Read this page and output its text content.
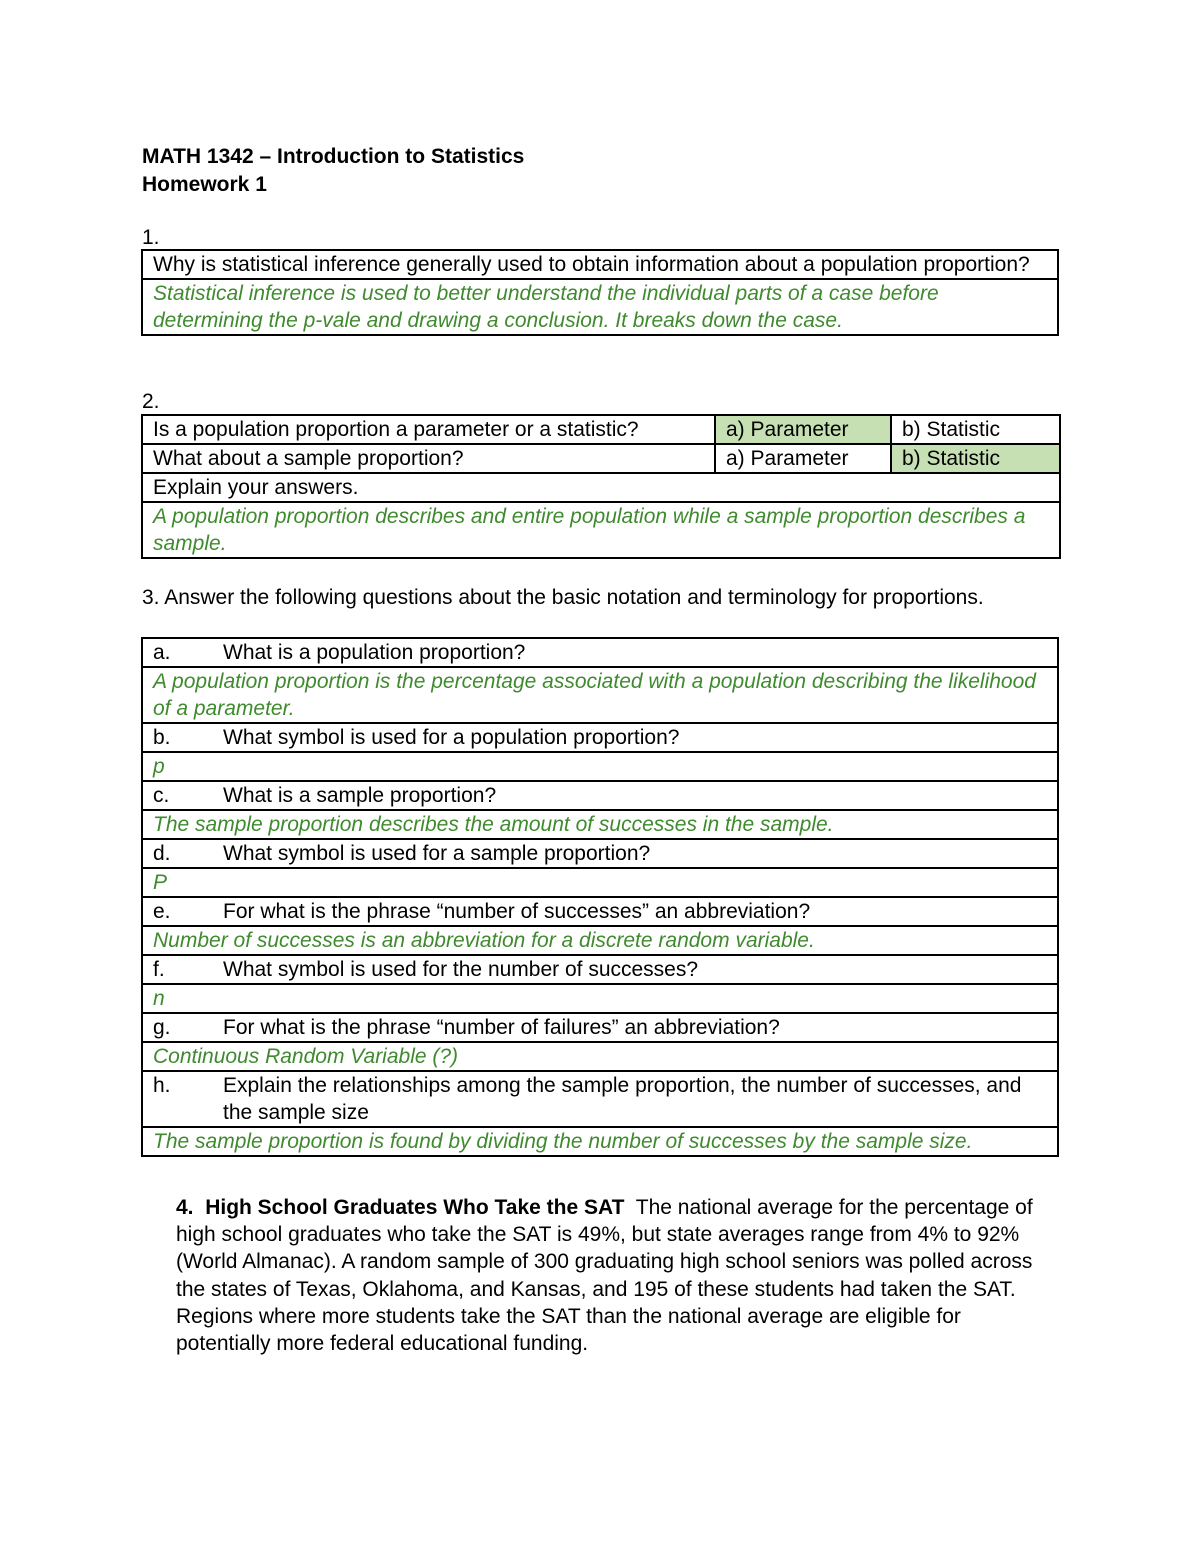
MATH 1342 – Introduction to Statistics
Homework 1
1.
Why is statistical inference generally used to obtain information about a population proportion?
Statistical inference is used to better understand the individual parts of a case before determining the p-vale and drawing a conclusion. It breaks down the case.
2.
Is a population proportion a parameter or a statistic?	a) Parameter	b) Statistic
What about a sample proportion?	a) Parameter	b) Statistic
Explain your answers.		
A population proportion describes and entire population while a sample proportion describes a sample.		
3. Answer the following questions about the basic notation and terminology for proportions.
a. What is a population proportion?
A population proportion is the percentage associated with a population describing the likelihood of a parameter.
b. What symbol is used for a population proportion?
p
c.	What is a sample proportion?
The sample proportion describes the amount of successes in the sample.
d. What symbol is used for a sample proportion?
P
e. For what is the phrase “number of successes” an abbreviation?
Number of successes is an abbreviation for a discrete random variable.
f.	What symbol is used for the number of successes?
n
g. For what is the phrase “number of failures” an abbreviation?
Continuous Random Variable (?)
h. Explain the relationships among the sample proportion, the number of successes, and the sample size
The sample proportion is found by dividing the number of successes by the sample size.
4. High School Graduates Who Take the SAT The national average for the percentage of high school graduates who take the SAT is 49%, but state averages range from 4% to 92% (World Almanac). A random sample of 300 graduating high school seniors was polled across the states of Texas, Oklahoma, and Kansas, and 195 of these students had taken the SAT. Regions where more students take the SAT than the national average are eligible for potentially more federal educational funding.
